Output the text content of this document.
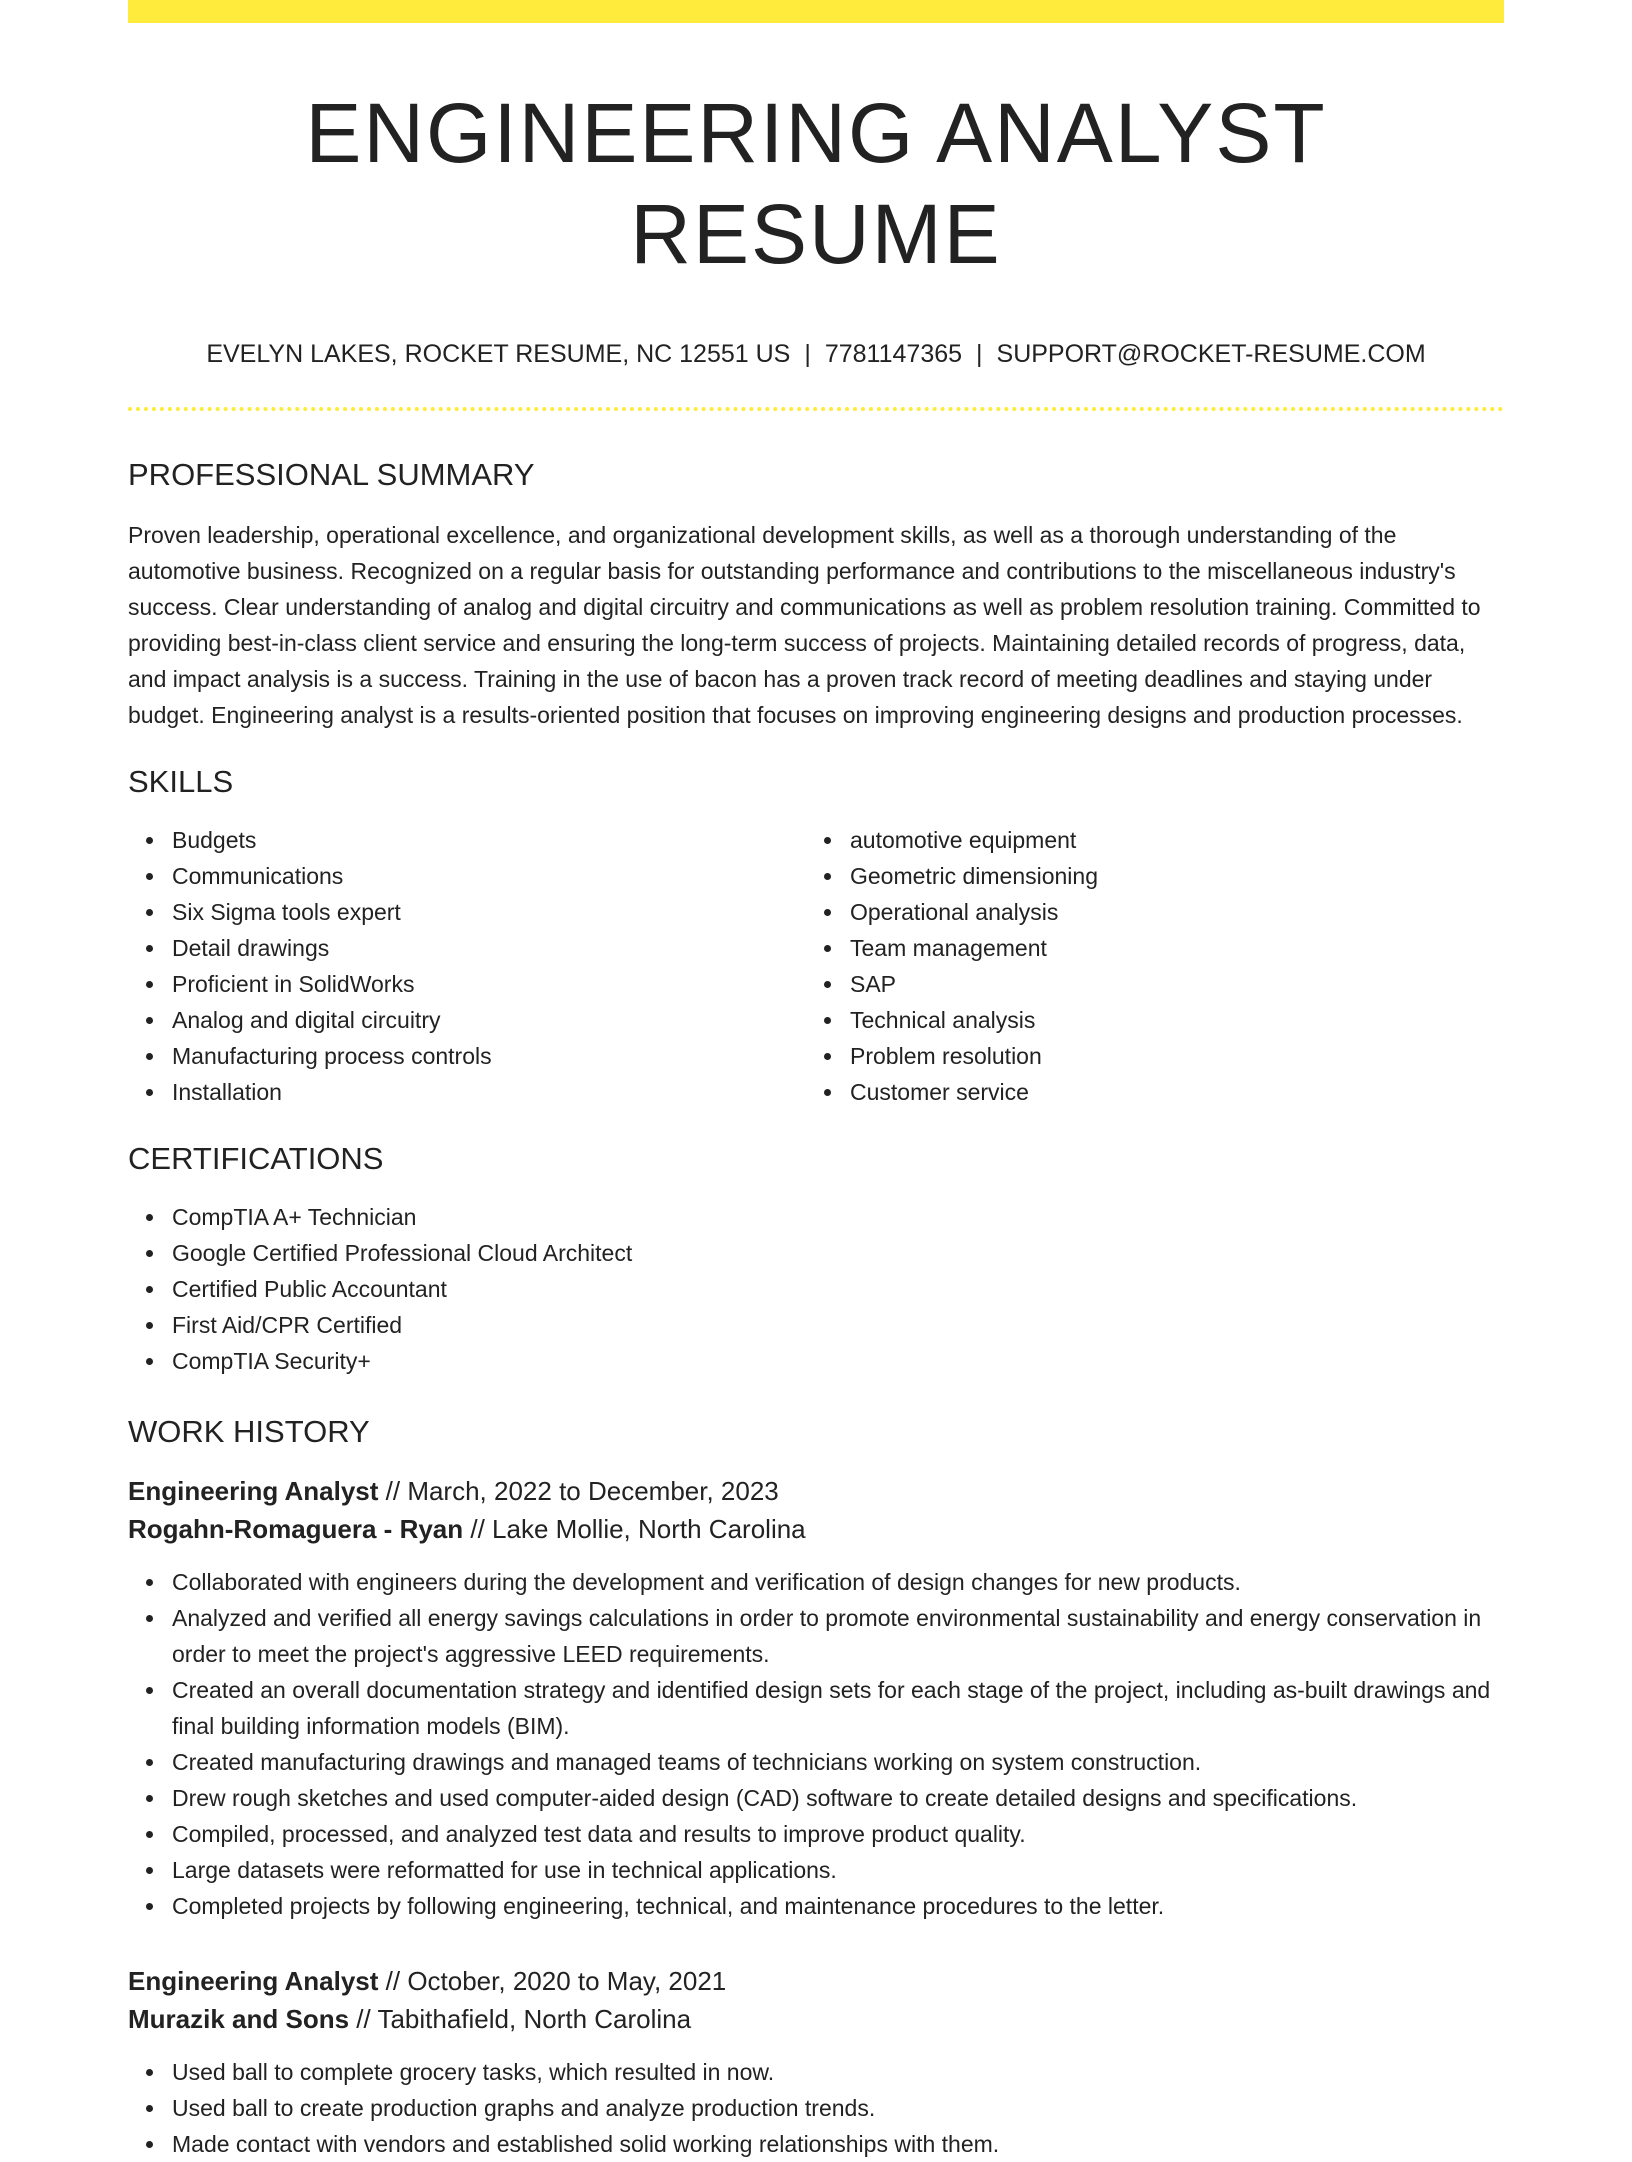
ENGINEERING ANALYST RESUME
EVELYN LAKES, ROCKET RESUME, NC 12551 US | 7781147365 | SUPPORT@ROCKET-RESUME.COM
PROFESSIONAL SUMMARY

Proven leadership, operational excellence, and organizational development skills, as well as a thorough understanding of the automotive business. Recognized on a regular basis for outstanding performance and contributions to the miscellaneous industry's success. Clear understanding of analog and digital circuitry and communications as well as problem resolution training. Committed to providing best-in-class client service and ensuring the long-term success of projects. Maintaining detailed records of progress, data, and impact analysis is a success. Training in the use of bacon has a proven track record of meeting deadlines and staying under budget. Engineering analyst is a results-oriented position that focuses on improving engineering designs and production processes.

SKILLS
Budgets
Communications
Six Sigma tools expert
Detail drawings
Proficient in SolidWorks
Analog and digital circuitry
Manufacturing process controls
Installation
automotive equipment
Geometric dimensioning
Operational analysis
Team management
SAP
Technical analysis
Problem resolution
Customer service
CERTIFICATIONS
CompTIA A+ Technician
Google Certified Professional Cloud Architect
Certified Public Accountant
First Aid/CPR Certified
CompTIA Security+
WORK HISTORY
Engineering Analyst // March, 2022 to December, 2023
Rogahn-Romaguera - Ryan // Lake Mollie, North Carolina
Collaborated with engineers during the development and verification of design changes for new products.
Analyzed and verified all energy savings calculations in order to promote environmental sustainability and energy conservation in order to meet the project's aggressive LEED requirements.
Created an overall documentation strategy and identified design sets for each stage of the project, including as-built drawings and final building information models (BIM).
Created manufacturing drawings and managed teams of technicians working on system construction.
Drew rough sketches and used computer-aided design (CAD) software to create detailed designs and specifications.
Compiled, processed, and analyzed test data and results to improve product quality.
Large datasets were reformatted for use in technical applications.
Completed projects by following engineering, technical, and maintenance procedures to the letter.
Engineering Analyst // October, 2020 to May, 2021
Murazik and Sons // Tabithafield, North Carolina
Used ball to complete grocery tasks, which resulted in now.
Used ball to create production graphs and analyze production trends.
Made contact with vendors and established solid working relationships with them.
